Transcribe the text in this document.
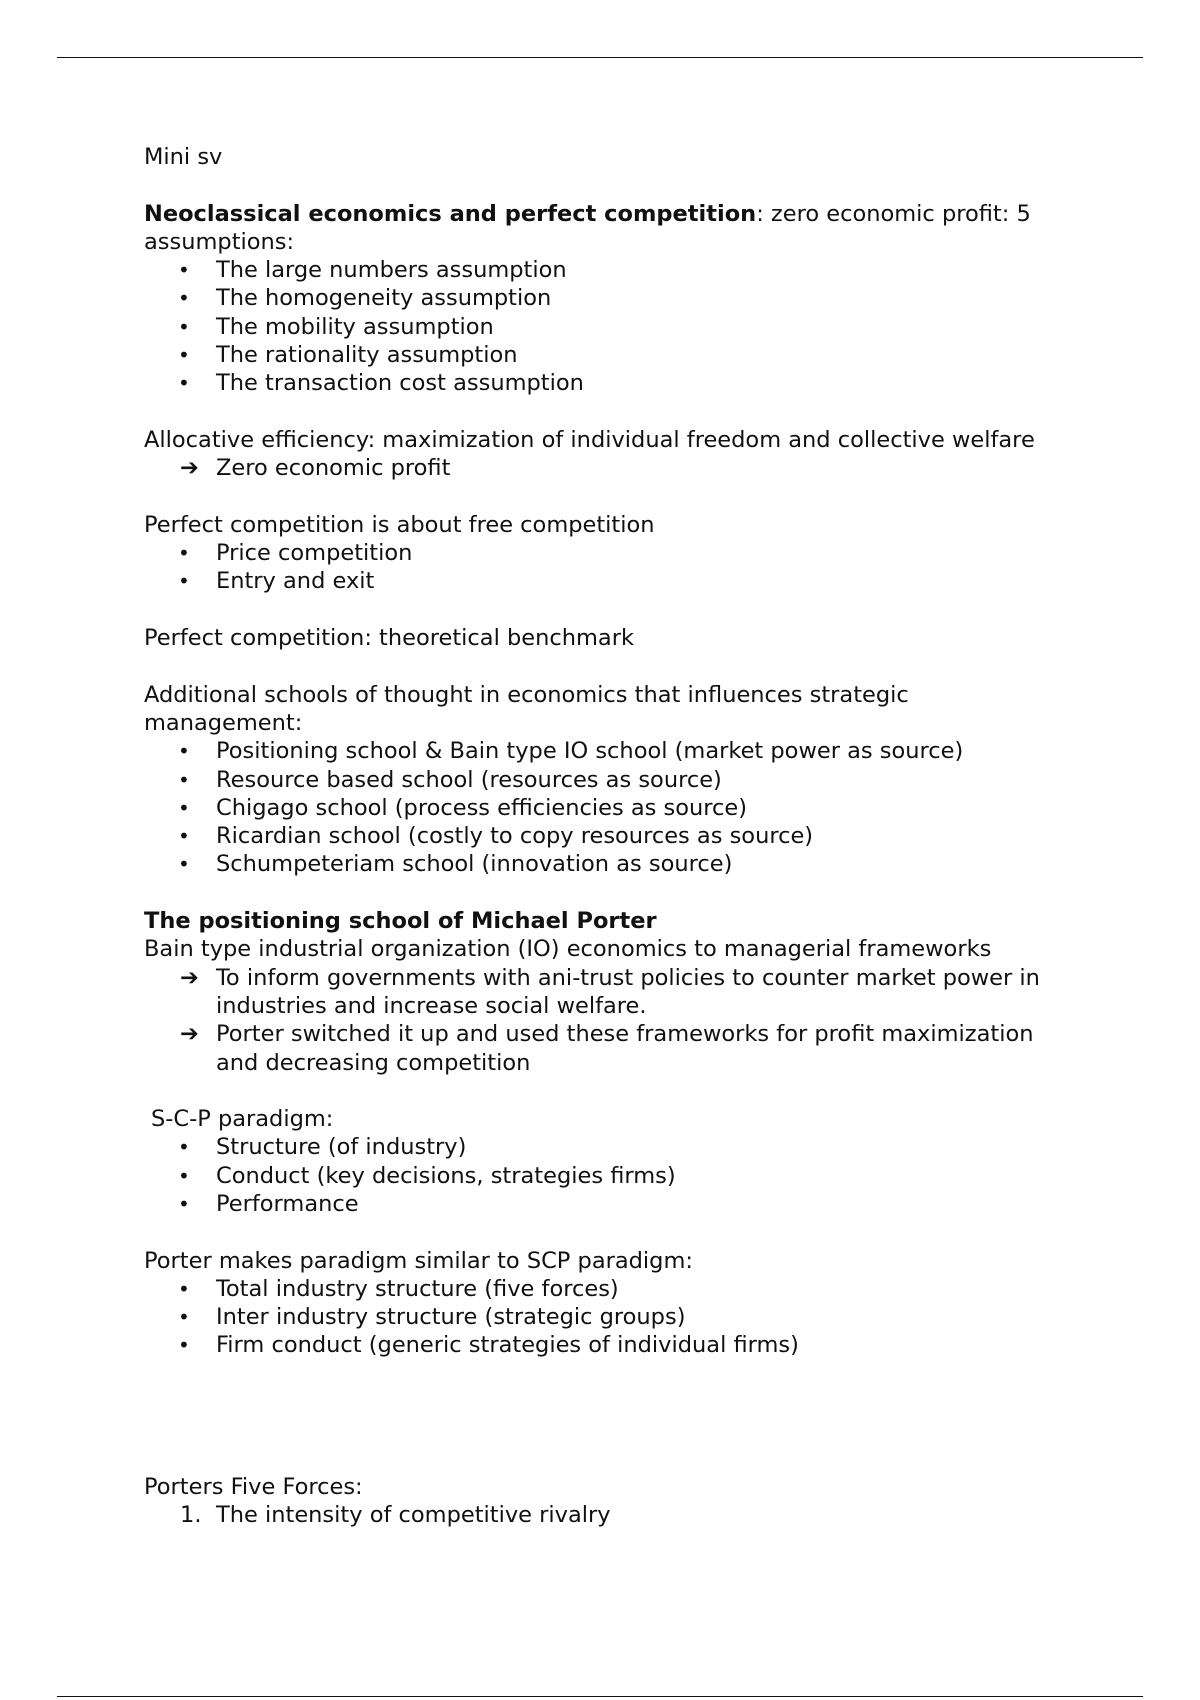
Mini sv

Neoclassical economics and perfect competition: zero economic profit: 5 assumptions:

• The large numbers assumption
• The homogeneity assumption
• The mobility assumption
• The rationality assumption
• The transaction cost assumption

Allocative efficiency: maximization of individual freedom and collective welfare

➔ Zero economic profit

Perfect competition is about free competition

• Price competition
• Entry and exit

Perfect competition: theoretical benchmark

Additional schools of thought in economics that influences strategic management:

• Positioning school & Bain type IO school (market power as source)
• Resource based school (resources as source)
• Chigago school (process efficiencies as source)
• Ricardian school (costly to copy resources as source)
• Schumpeteriam school (innovation as source)

The positioning school of Michael Porter

Bain type industrial organization (IO) economics to managerial frameworks

➔ To inform governments with ani-trust policies to counter market power in industries and increase social welfare.
➔ Porter switched it up and used these frameworks for profit maximization and decreasing competition

S-C-P paradigm:

• Structure (of industry)
• Conduct (key decisions, strategies firms)
• Performance

Porter makes paradigm similar to SCP paradigm:

• Total industry structure (five forces)
• Inter industry structure (strategic groups)
• Firm conduct (generic strategies of individual firms)

Porters Five Forces:

1. The intensity of competitive rivalry
